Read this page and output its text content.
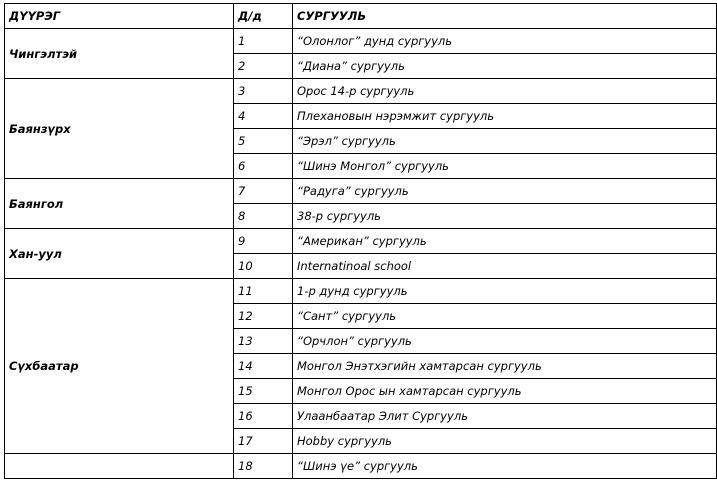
ДҮҮРЭГ	Д/д	СУРГУУЛЬ
Чингэлтэй	1	“Олонлог” дунд сургууль
	2	“Диана” сургууль
Баянзүрх	3	Орос 14-р сургууль
	4	Плехановын нэрэмжит сургууль
	5	“Эрэл” сургууль
	6	“Шинэ Монгол” сургууль
Баянгол	7	“Радуга” сургууль
	8	38-р сургууль
Хан-уул	9	“Американ” сургууль
	10	Internatinoal school
Сүхбаатар	11	1-р дунд сургууль
	12	“Сант” сургууль
	13	“Орчлон” сургууль
	14	Монгол Энэтхэгийн хамтарсан сургууль
	15	Монгол Орос ын хамтарсан сургууль
	16	Улаанбаатар Элит Сургууль
	17	Hobby сургууль
	18	“Шинэ үе” сургууль
